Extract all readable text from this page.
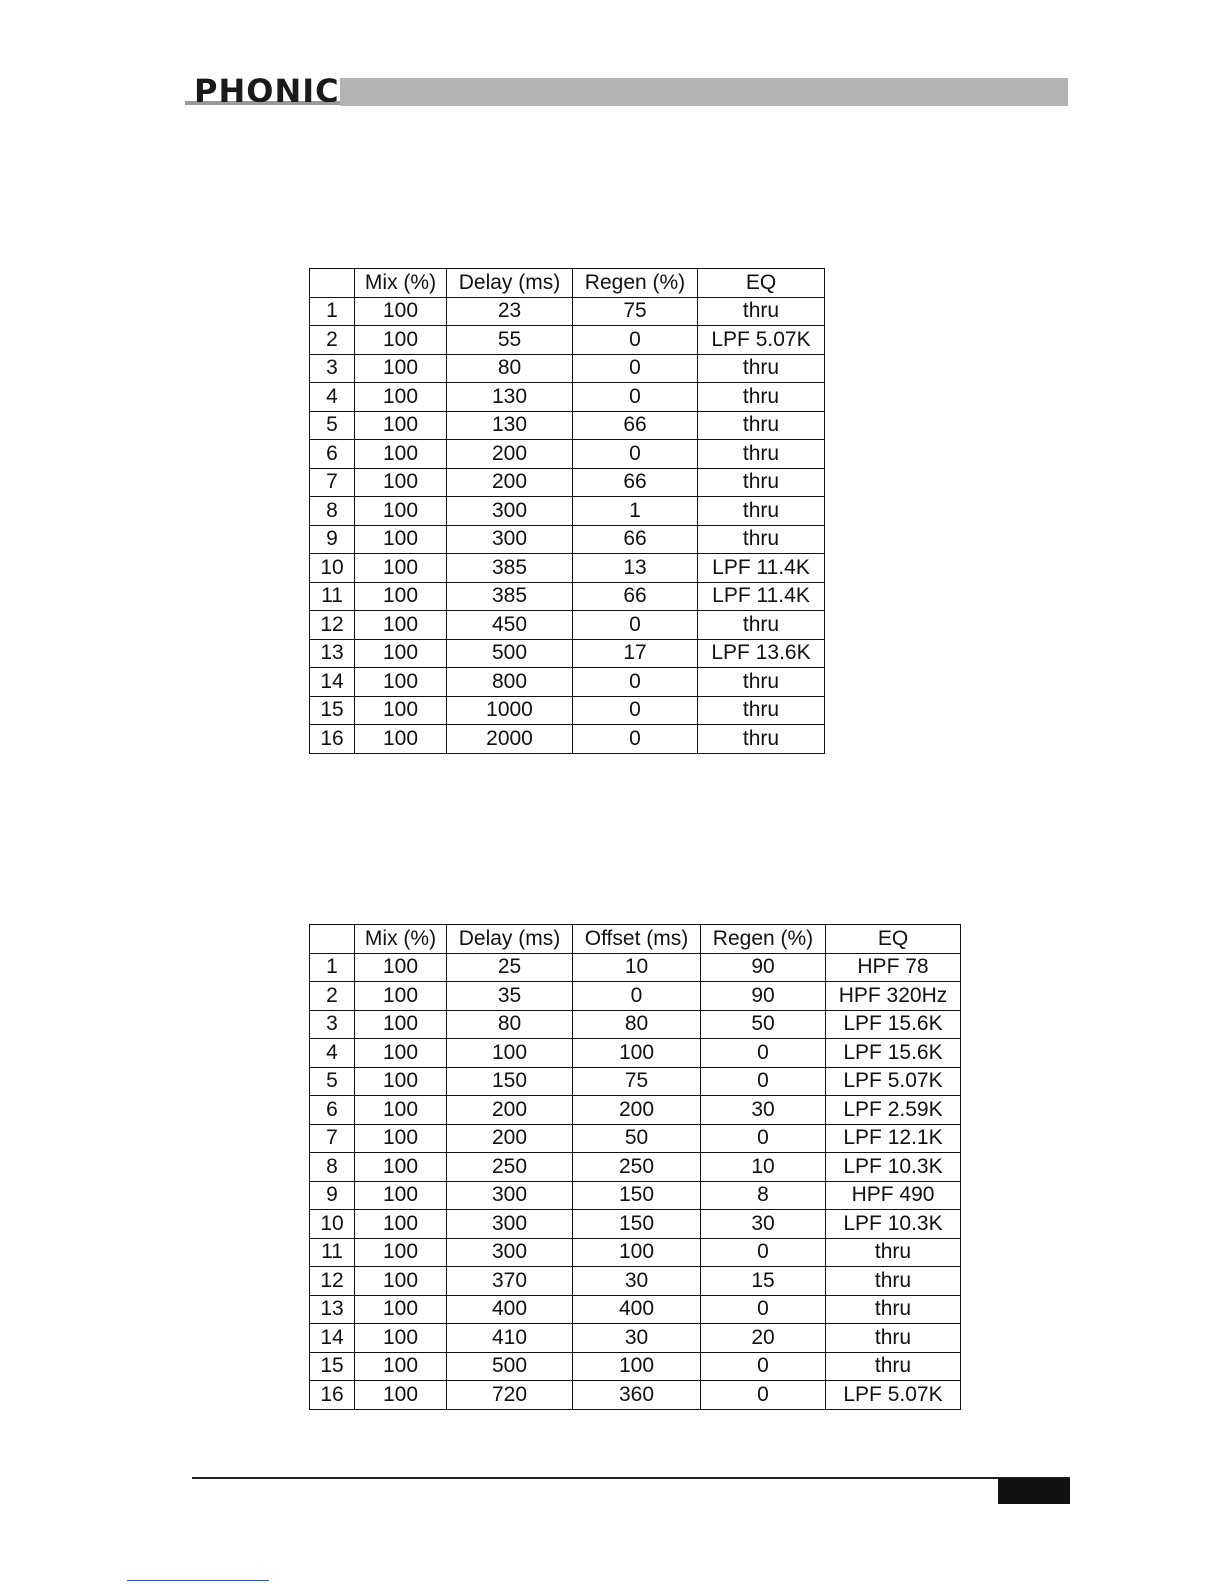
PHONIC
	Mix (%)	Delay (ms)	Regen (%)	EQ
1	100	23	75	thru
2	100	55	0	LPF 5.07K
3	100	80	0	thru
4	100	130	0	thru
5	100	130	66	thru
6	100	200	0	thru
7	100	200	66	thru
8	100	300	1	thru
9	100	300	66	thru
10	100	385	13	LPF 11.4K
11	100	385	66	LPF 11.4K
12	100	450	0	thru
13	100	500	17	LPF 13.6K
14	100	800	0	thru
15	100	1000	0	thru
16	100	2000	0	thru
	Mix (%)	Delay (ms)	Offset (ms)	Regen (%)	EQ
1	100	25	10	90	HPF 78
2	100	35	0	90	HPF 320Hz
3	100	80	80	50	LPF 15.6K
4	100	100	100	0	LPF 15.6K
5	100	150	75	0	LPF 5.07K
6	100	200	200	30	LPF 2.59K
7	100	200	50	0	LPF 12.1K
8	100	250	250	10	LPF 10.3K
9	100	300	150	8	HPF 490
10	100	300	150	30	LPF 10.3K
11	100	300	100	0	thru
12	100	370	30	15	thru
13	100	400	400	0	thru
14	100	410	30	20	thru
15	100	500	100	0	thru
16	100	720	360	0	LPF 5.07K
